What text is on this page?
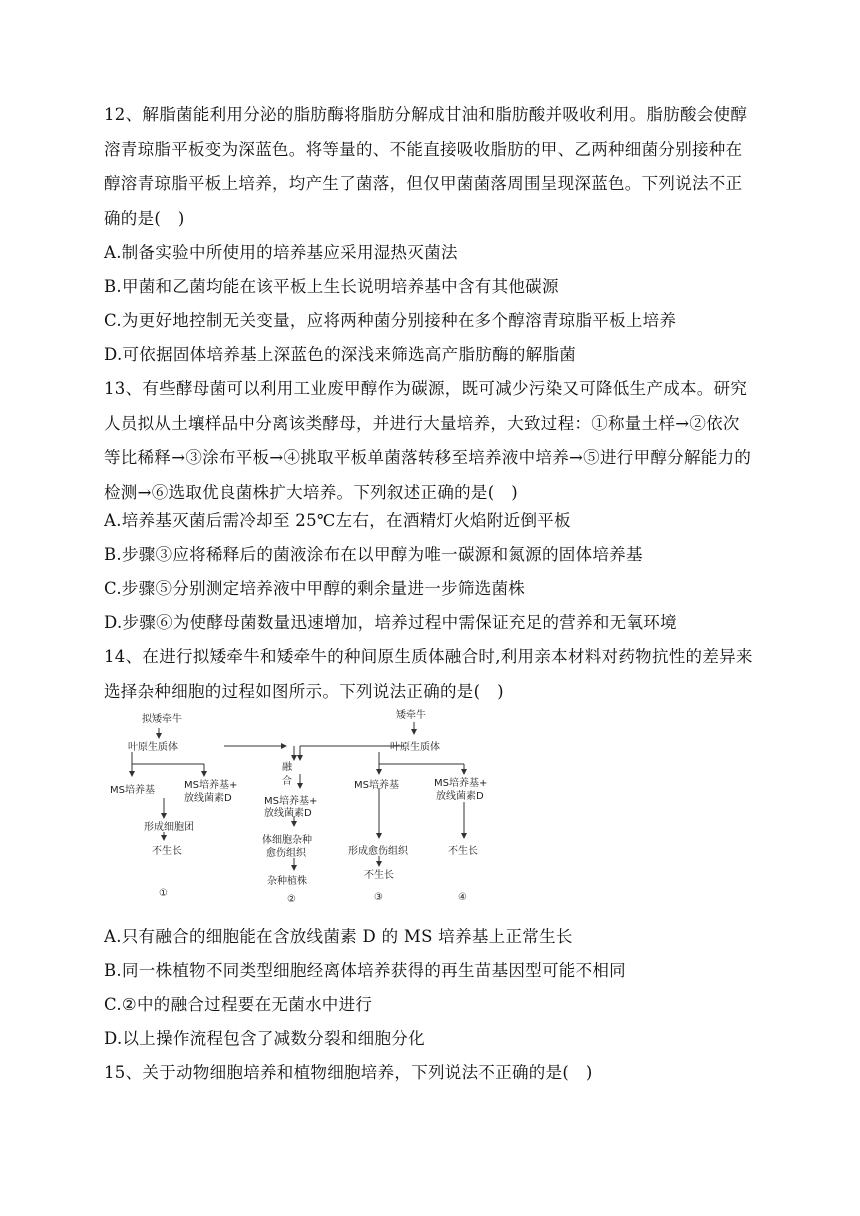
12、解脂菌能利用分泌的脂肪酶将脂肪分解成甘油和脂肪酸并吸收利用。脂肪酸会使醇溶青琼脂平板变为深蓝色。将等量的、不能直接吸收脂肪的甲、乙两种细菌分别接种在醇溶青琼脂平板上培养，均产生了菌落，但仅甲菌菌落周围呈现深蓝色。下列说法不正确的是(　)

A.制备实验中所使用的培养基应采用湿热灭菌法

B.甲菌和乙菌均能在该平板上生长说明培养基中含有其他碳源

C.为更好地控制无关变量，应将两种菌分别接种在多个醇溶青琼脂平板上培养

D.可依据固体培养基上深蓝色的深浅来筛选高产脂肪酶的解脂菌

13、有些酵母菌可以利用工业废甲醇作为碳源，既可减少污染又可降低生产成本。研究人员拟从土壤样品中分离该类酵母，并进行大量培养，大致过程：①称量土样→②依次等比稀释→③涂布平板→④挑取平板单菌落转移至培养液中培养→⑤进行甲醇分解能力的检测→⑥选取优良菌株扩大培养。下列叙述正确的是(　)

A.培养基灭菌后需冷却至 25℃左右，在酒精灯火焰附近倒平板

B.步骤③应将稀释后的菌液涂布在以甲醇为唯一碳源和氮源的固体培养基

C.步骤⑤分别测定培养液中甲醇的剩余量进一步筛选菌株

D.步骤⑥为使酵母菌数量迅速增加，培养过程中需保证充足的营养和无氧环境

14、在进行拟矮牵牛和矮牵牛的种间原生质体融合时,利用亲本材料对药物抗性的差异来选择杂种细胞的过程如图所示。下列说法正确的是(　)

拟矮牵牛
叶原生质体
MS培养基	MS培养基+
放线菌素D
形成细胞团
不生长
①
融
合
MS培养基+
放线菌素D
体细胞杂种
愈伤组织
杂种植株
②
矮牵牛
叶原生质体
MS培养基	MS培养基+
放线菌素D
形成愈伤组织
不生长
不生长
③	④

A.只有融合的细胞能在含放线菌素 D 的 MS 培养基上正常生长

B.同一株植物不同类型细胞经离体培养获得的再生苗基因型可能不相同

C.②中的融合过程要在无菌水中进行

D.以上操作流程包含了减数分裂和细胞分化

15、关于动物细胞培养和植物细胞培养，下列说法不正确的是(　)
